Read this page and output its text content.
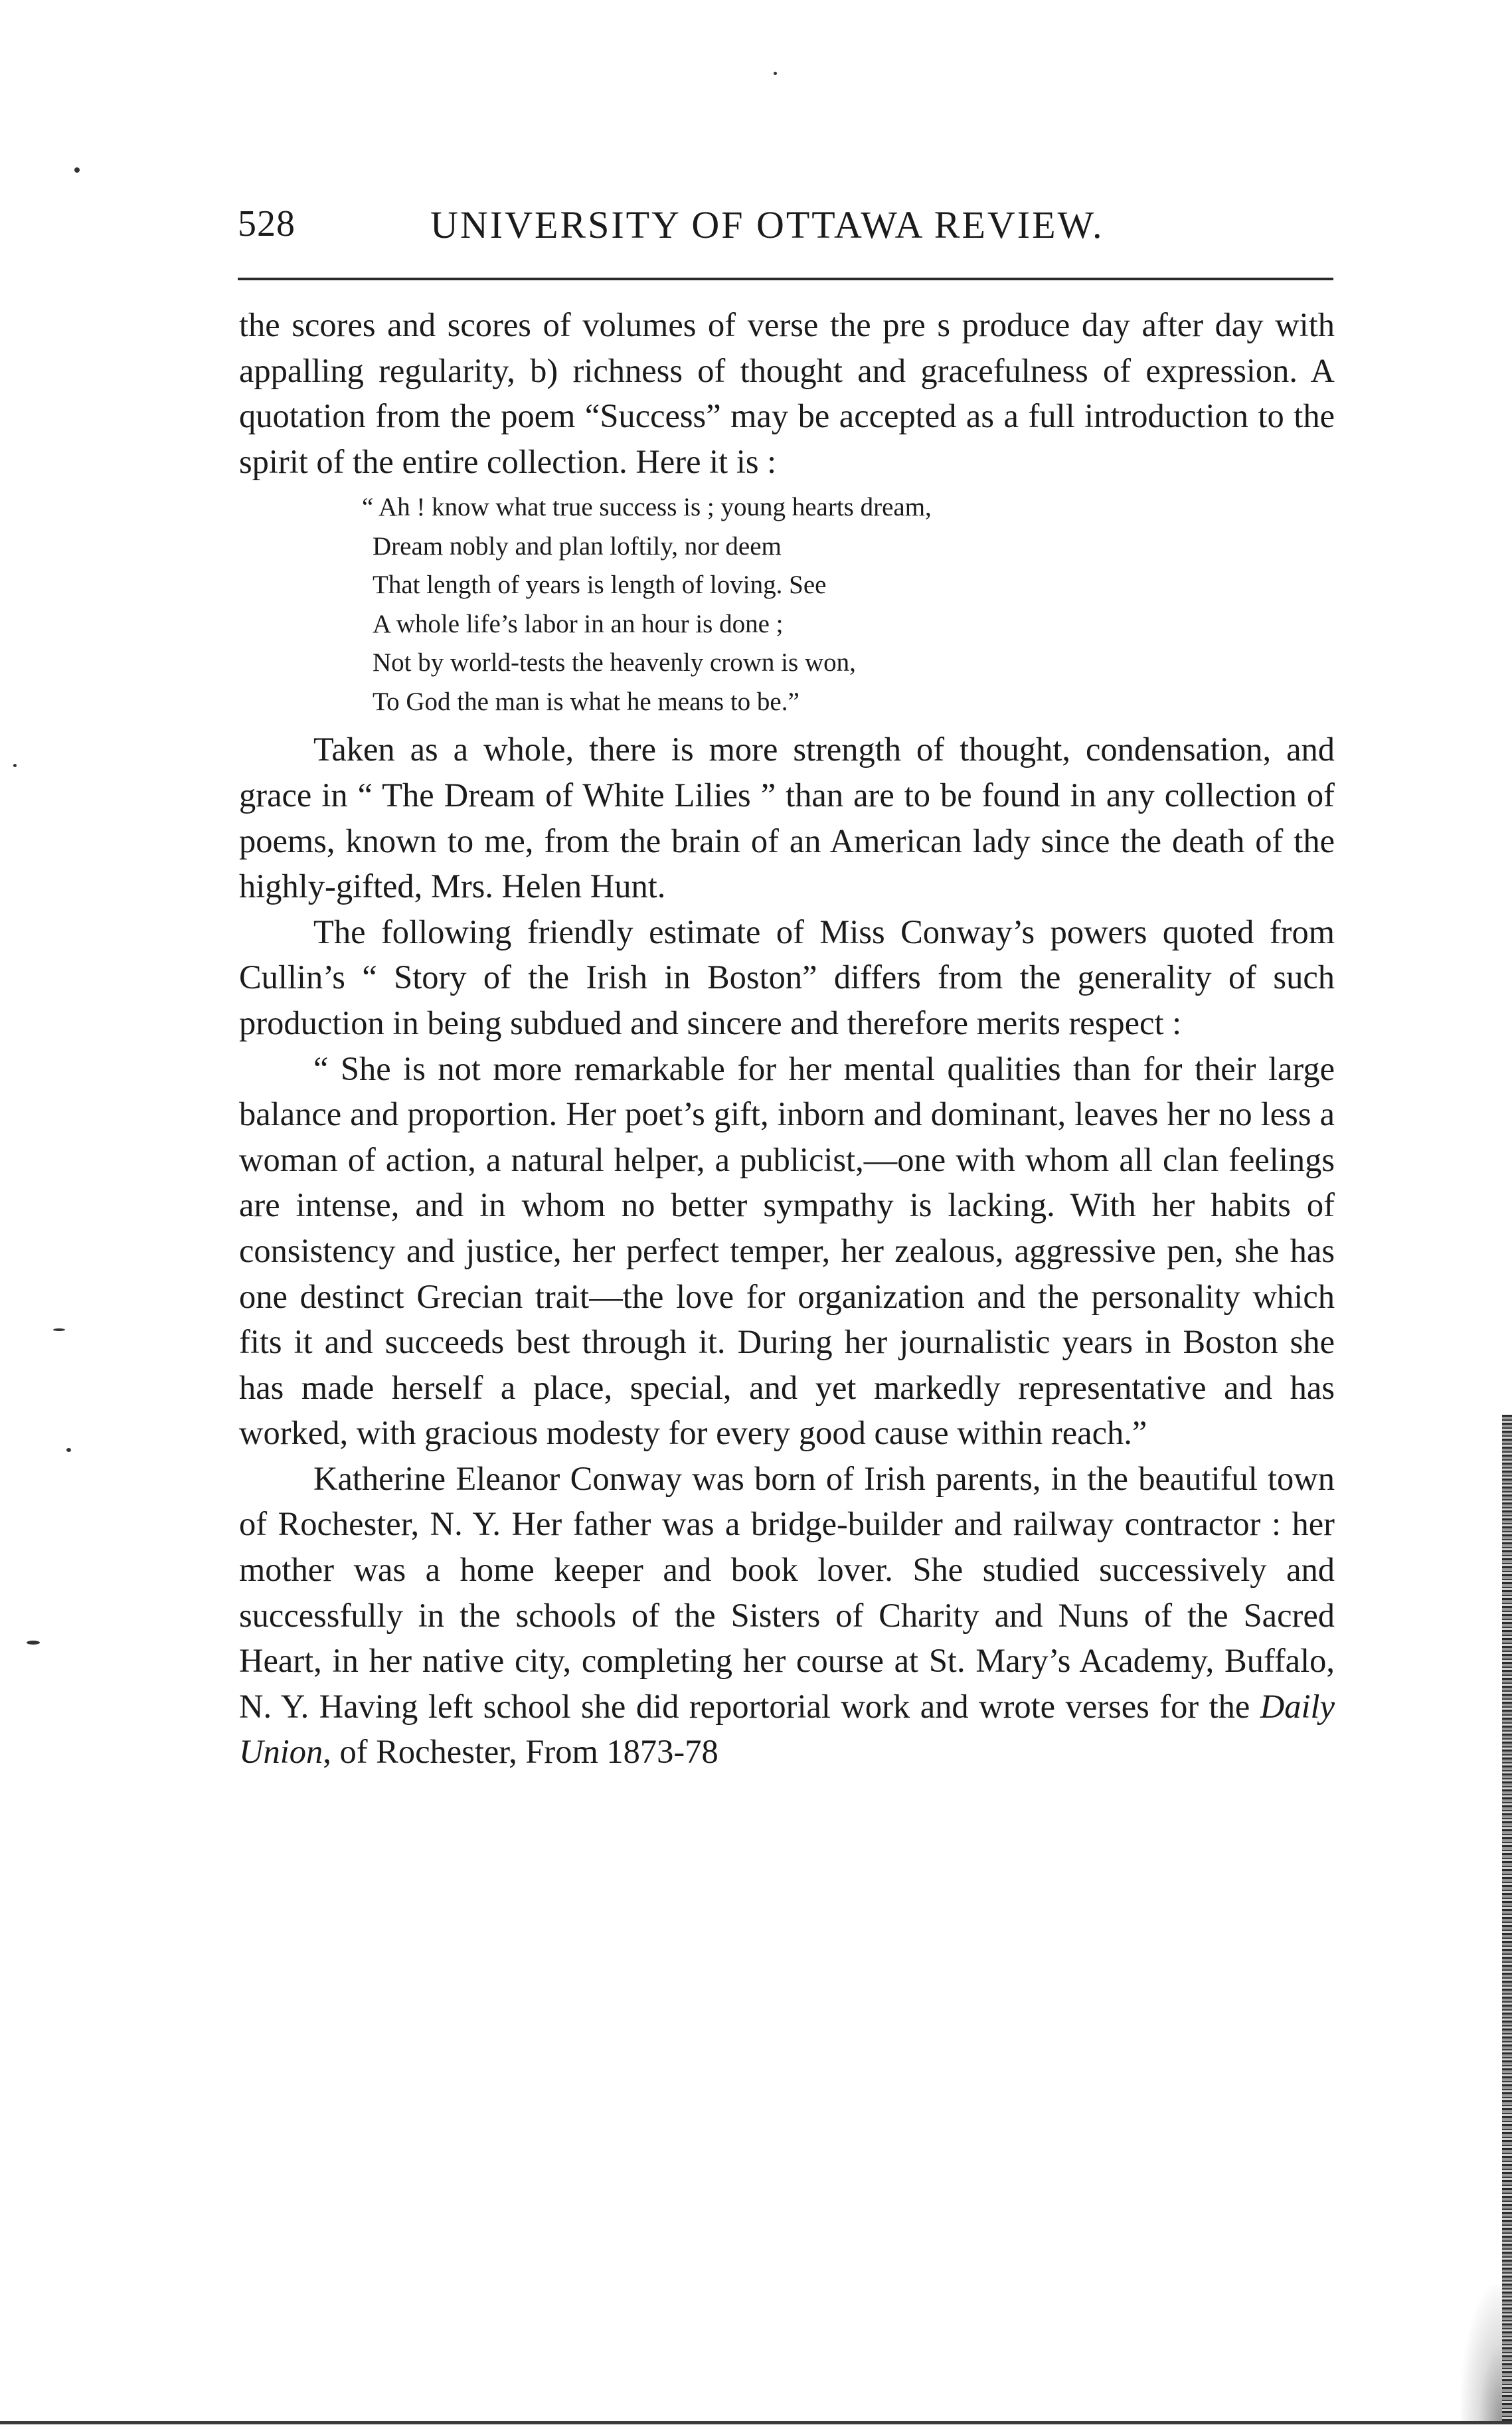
528	UNIVERSITY OF OTTAWA REVIEW.

the scores and scores of volumes of verse the pre s produce day after day with appalling regularity, b) richness of thought and gracefulness of expression. A quotation from the poem “Success” may be accepted as a full introduction to the spirit of the entire collection. Here it is :

“ Ah ! know what true success is ; young hearts dream,
Dream nobly and plan loftily, nor deem
That length of years is length of loving. See
A whole life’s labor in an hour is done ;
Not by world-tests the heavenly crown is won,
To God the man is what he means to be.”

Taken as a whole, there is more strength of thought, condensation, and grace in “ The Dream of White Lilies ” than are to be found in any collection of poems, known to me, from the brain of an American lady since the death of the highly-gifted, Mrs. Helen Hunt.

The following friendly estimate of Miss Conway’s powers quoted from Cullin’s “ Story of the Irish in Boston” differs from the generality of such production in being subdued and sincere and therefore merits respect :

“ She is not more remarkable for her mental qualities than for their large balance and proportion. Her poet’s gift, inborn and dominant, leaves her no less a woman of action, a natural helper, a publicist,—one with whom all clan feelings are intense, and in whom no better sympathy is lacking. With her habits of consistency and justice, her perfect temper, her zealous, aggressive pen, she has one destinct Grecian trait—the love for organization and the personality which fits it and succeeds best through it. During her journalistic years in Boston she has made herself a place, special, and yet markedly representative and has worked, with gracious modesty for every good cause within reach.”

Katherine Eleanor Conway was born of Irish parents, in the beautiful town of Rochester, N. Y. Her father was a bridge-builder and railway contractor : her mother was a home keeper and book lover. She studied successively and successfully in the schools of the Sisters of Charity and Nuns of the Sacred Heart, in her native city, completing her course at St. Mary’s Academy, Buffalo, N. Y. Having left school she did reportorial work and wrote verses for the Daily Union, of Rochester, From 1873-78
